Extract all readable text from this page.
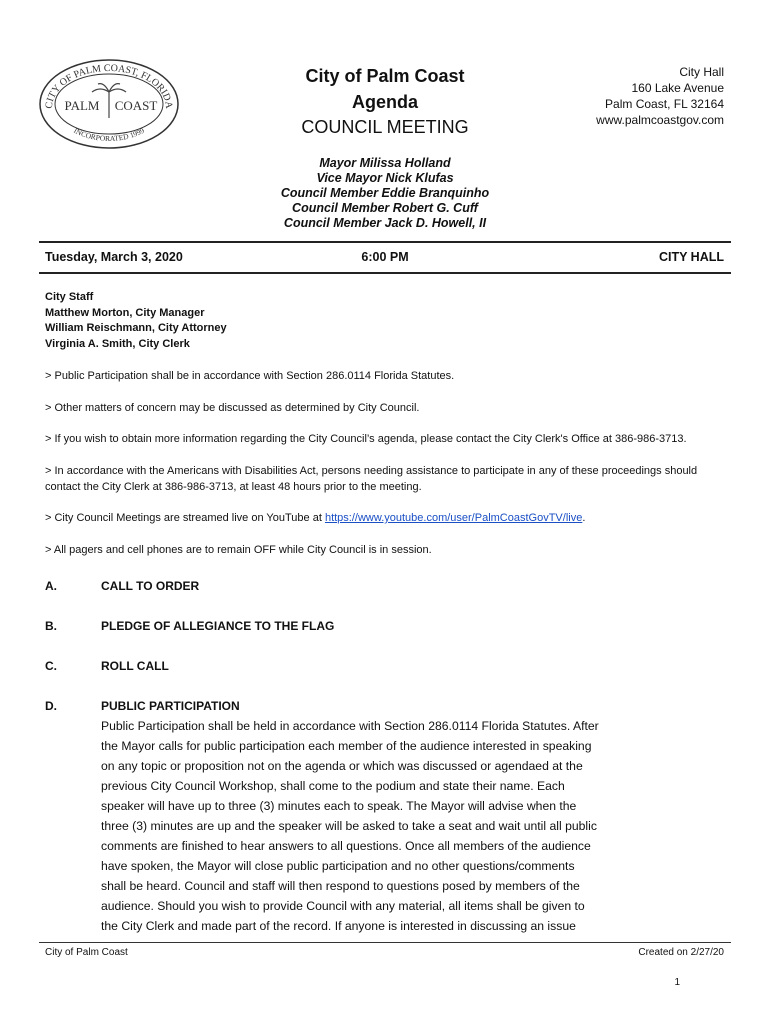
CITY OF PALM COAST, FLORIDA
INCORPORATED 1999
PALM COAST
City of Palm Coast
Agenda
COUNCIL MEETING
City Hall
160 Lake Avenue
Palm Coast, FL 32164
www.palmcoastgov.com
Mayor Milissa Holland
Vice Mayor Nick Klufas
Council Member Eddie Branquinho
Council Member Robert G. Cuff
Council Member Jack D. Howell, II
Tuesday, March 3, 2020	6:00 PM	CITY HALL
City Staff
Matthew Morton, City Manager
William Reischmann, City Attorney
Virginia A. Smith, City Clerk
> Public Participation shall be in accordance with Section 286.0114 Florida Statutes.
> Other matters of concern may be discussed as determined by City Council.
> If you wish to obtain more information regarding the City Council’s agenda, please contact the City Clerk's Office at 386-986-3713.
> In accordance with the Americans with Disabilities Act, persons needing assistance to participate in any of these proceedings should contact the City Clerk at 386-986-3713, at least 48 hours prior to the meeting.
> City Council Meetings are streamed live on YouTube at https://www.youtube.com/user/PalmCoastGovTV/live.
> All pagers and cell phones are to remain OFF while City Council is in session.
A.	CALL TO ORDER
B.	PLEDGE OF ALLEGIANCE TO THE FLAG
C.	ROLL CALL
D.	PUBLIC PARTICIPATION
Public Participation shall be held in accordance with Section 286.0114 Florida Statutes. After
the Mayor calls for public participation each member of the audience interested in speaking
on any topic or proposition not on the agenda or which was discussed or agendaed at the
previous City Council Workshop, shall come to the podium and state their name. Each
speaker will have up to three (3) minutes each to speak. The Mayor will advise when the
three (3) minutes are up and the speaker will be asked to take a seat and wait until all public
comments are finished to hear answers to all questions. Once all members of the audience
have spoken, the Mayor will close public participation and no other questions/comments
shall be heard. Council and staff will then respond to questions posed by members of the
audience. Should you wish to provide Council with any material, all items shall be given to
the City Clerk and made part of the record. If anyone is interested in discussing an issue
City of Palm Coast	Created on 2/27/20
1
